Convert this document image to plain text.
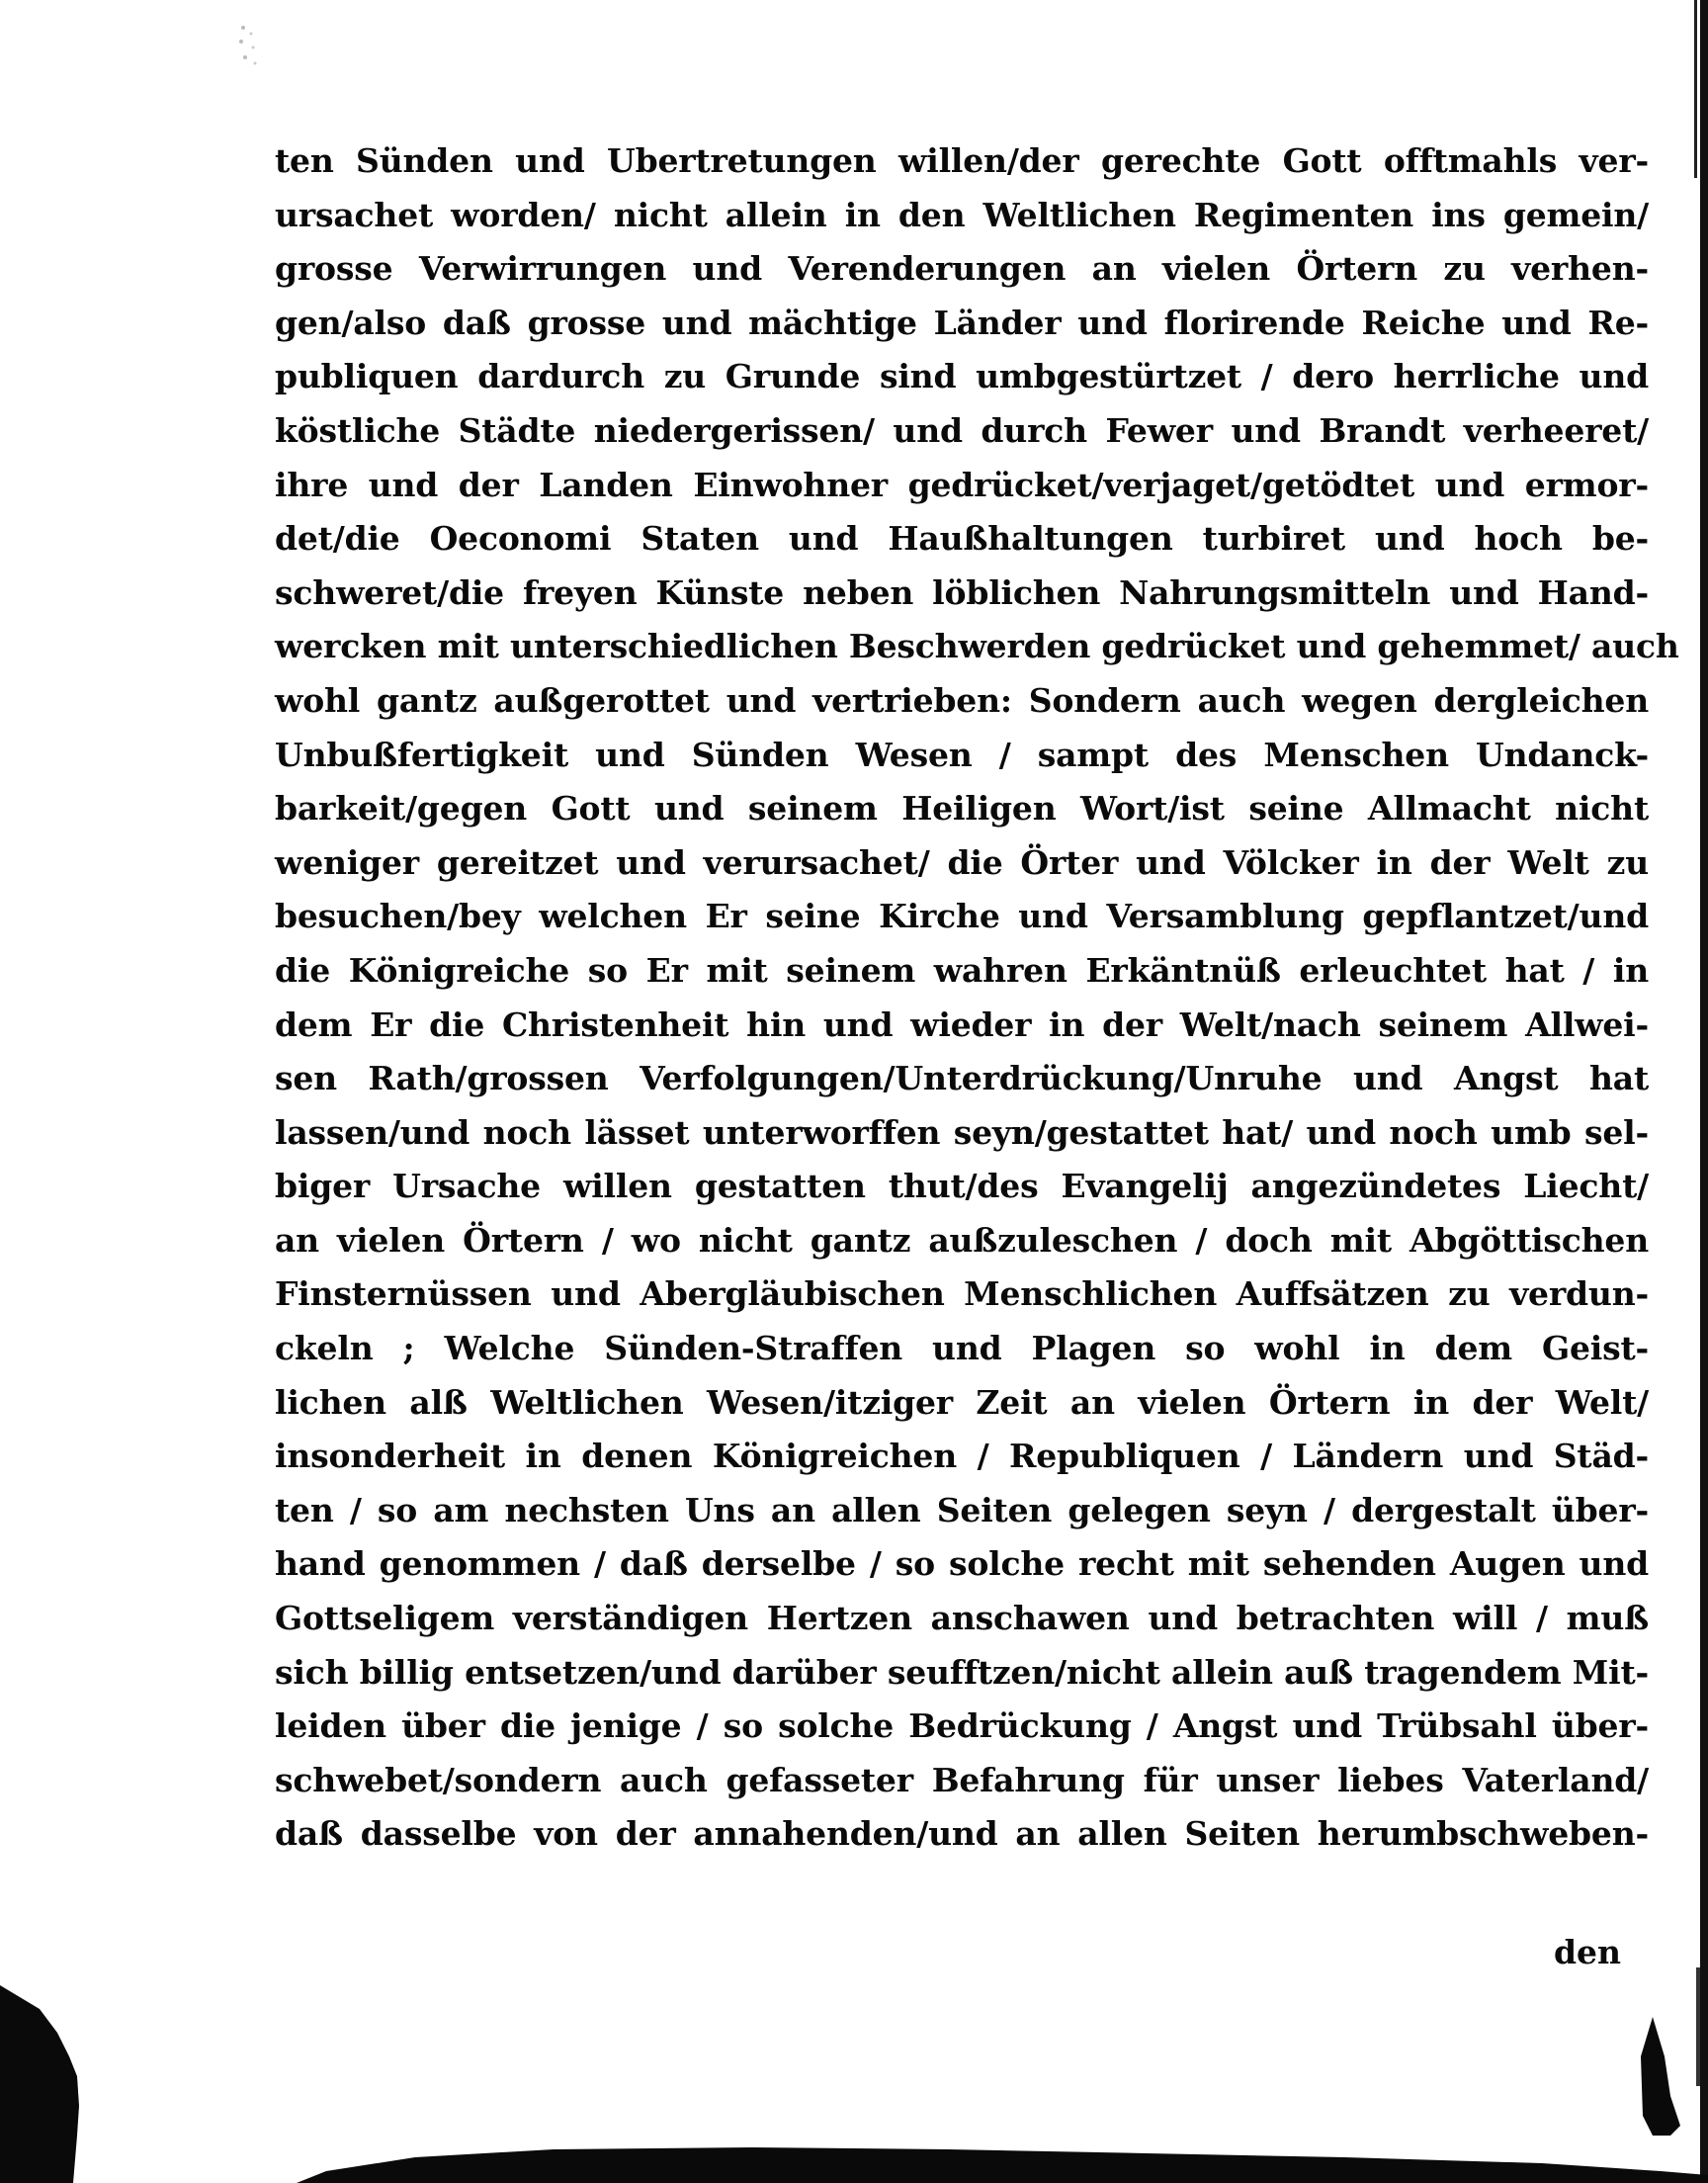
ten Sünden und Ubertretungen willen/der gerechte Gott offtmahls ver-
ursachet worden/ nicht allein in den Weltlichen Regimenten ins gemein/
grosse Verwirrungen und Verenderungen an vielen Örtern zu verhen-
gen/also daß grosse und mächtige Länder und florirende Reiche und Re-
publiquen dardurch zu Grunde sind umbgestürtzet / dero herrliche und
köstliche Städte niedergerissen/ und durch Fewer und Brandt verheeret/
ihre und der Landen Einwohner gedrücket/verjaget/getödtet und ermor-
det/die Oeconomi Staten und Haußhaltungen turbiret und hoch be-
schweret/die freyen Künste neben löblichen Nahrungsmitteln und Hand-
wercken mit unterschiedlichen Beschwerden gedrücket und gehemmet/ auch
wohl gantz außgerottet und vertrieben: Sondern auch wegen dergleichen
Unbußfertigkeit und Sünden Wesen / sampt des Menschen Undanck-
barkeit/gegen Gott und seinem Heiligen Wort/ist seine Allmacht nicht
weniger gereitzet und verursachet/ die Örter und Völcker in der Welt zu
besuchen/bey welchen Er seine Kirche und Versamblung gepflantzet/und
die Königreiche so Er mit seinem wahren Erkäntnüß erleuchtet hat / in
dem Er die Christenheit hin und wieder in der Welt/nach seinem Allwei-
sen Rath/grossen Verfolgungen/Unterdrückung/Unruhe und Angst hat
lassen/und noch lässet unterworffen seyn/gestattet hat/ und noch umb sel-
biger Ursache willen gestatten thut/des Evangelij angezündetes Liecht/
an vielen Örtern / wo nicht gantz außzuleschen / doch mit Abgöttischen
Finsternüssen und Abergläubischen Menschlichen Auffsätzen zu verdun-
ckeln ; Welche Sünden-Straffen und Plagen so wohl in dem Geist-
lichen alß Weltlichen Wesen/itziger Zeit an vielen Örtern in der Welt/
insonderheit in denen Königreichen / Republiquen / Ländern und Städ-
ten / so am nechsten Uns an allen Seiten gelegen seyn / dergestalt über-
hand genommen / daß derselbe / so solche recht mit sehenden Augen und
Gottseligem verständigen Hertzen anschawen und betrachten will / muß
sich billig entsetzen/und darüber seufftzen/nicht allein auß tragendem Mit-
leiden über die jenige / so solche Bedrückung / Angst und Trübsahl über-
schwebet/sondern auch gefasseter Befahrung für unser liebes Vaterland/
daß dasselbe von der annahenden/und an allen Seiten herumbschweben-
den
